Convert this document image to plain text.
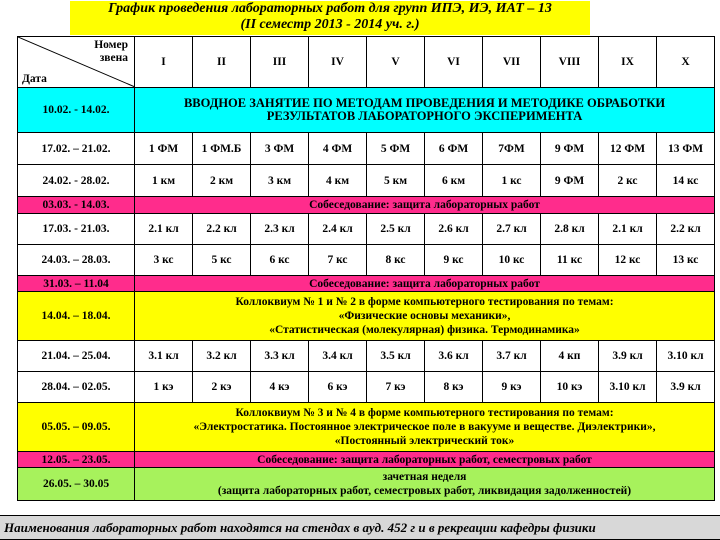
График проведения лабораторных работ для групп ИПЭ, ИЭ, ИАТ – 13
(II семестр 2013 - 2014 уч. г.)
Номер
звена
Дата	I	II	III	IV	V	VI	VII	VIII	IX	X
10.02. - 14.02.	ВВОДНОЕ ЗАНЯТИЕ ПО МЕТОДАМ ПРОВЕДЕНИЯ И МЕТОДИКЕ ОБРАБОТКИ
РЕЗУЛЬТАТОВ ЛАБОРАТОРНОГО ЭКСПЕРИМЕНТА									

17.02. – 21.02.	1 ФМ	1 ФМ.Б	3 ФМ	4 ФМ	5 ФМ	6 ФМ	7ФМ	9 ФМ	12 ФМ	13 ФМ
24.02. - 28.02.	1 км	2 км	3 км	4 км	5 км	6 км	1 кс	9 ФМ	2 кс	14 кс
03.03. - 14.03.	Собеседование: защита лабораторных работ									
17.03. - 21.03.	2.1 кл	2.2 кл	2.3 кл	2.4 кл	2.5 кл	2.6 кл	2.7 кл	2.8 кл	2.1 кл	2.2 кл
24.03. – 28.03.	3 кс	5 кс	6 кс	7 кс	8 кс	9 кс	10 кс	11 кс	12 кс	13 кс
31.03. – 11.04	Собеседование: защита лабораторных работ									
14.04. – 18.04.	Коллоквиум № 1 и № 2 в форме компьютерного тестирования по темам:
«Физические основы механики»,
«Статистическая (молекулярная) физика. Термодинамика»									

21.04. – 25.04.	3.1 кл	3.2 кл	3.3 кл	3.4 кл	3.5 кл	3.6 кл	3.7 кл	4 кп	3.9 кл	3.10 кл
28.04. – 02.05.	1 кэ	2 кэ	4 кэ	6 кэ	7 кэ	8 кэ	9 кэ	10 кэ	3.10 кл	3.9 кл
05.05. – 09.05.	Коллоквиум № 3 и № 4 в форме компьютерного тестирования по темам:
«Электростатика. Постоянное электрическое поле в вакууме и веществе. Диэлектрики»,
«Постоянный электрический ток»									

12.05. – 23.05.	Собеседование: защита лабораторных работ, семестровых работ									
26.05. – 30.05	зачетная неделя
(защита лабораторных работ, семестровых работ, ликвидация задолженностей)									
Наименования лабораторных работ находятся на стендах в ауд. 452 г и в рекреации кафедры физики
